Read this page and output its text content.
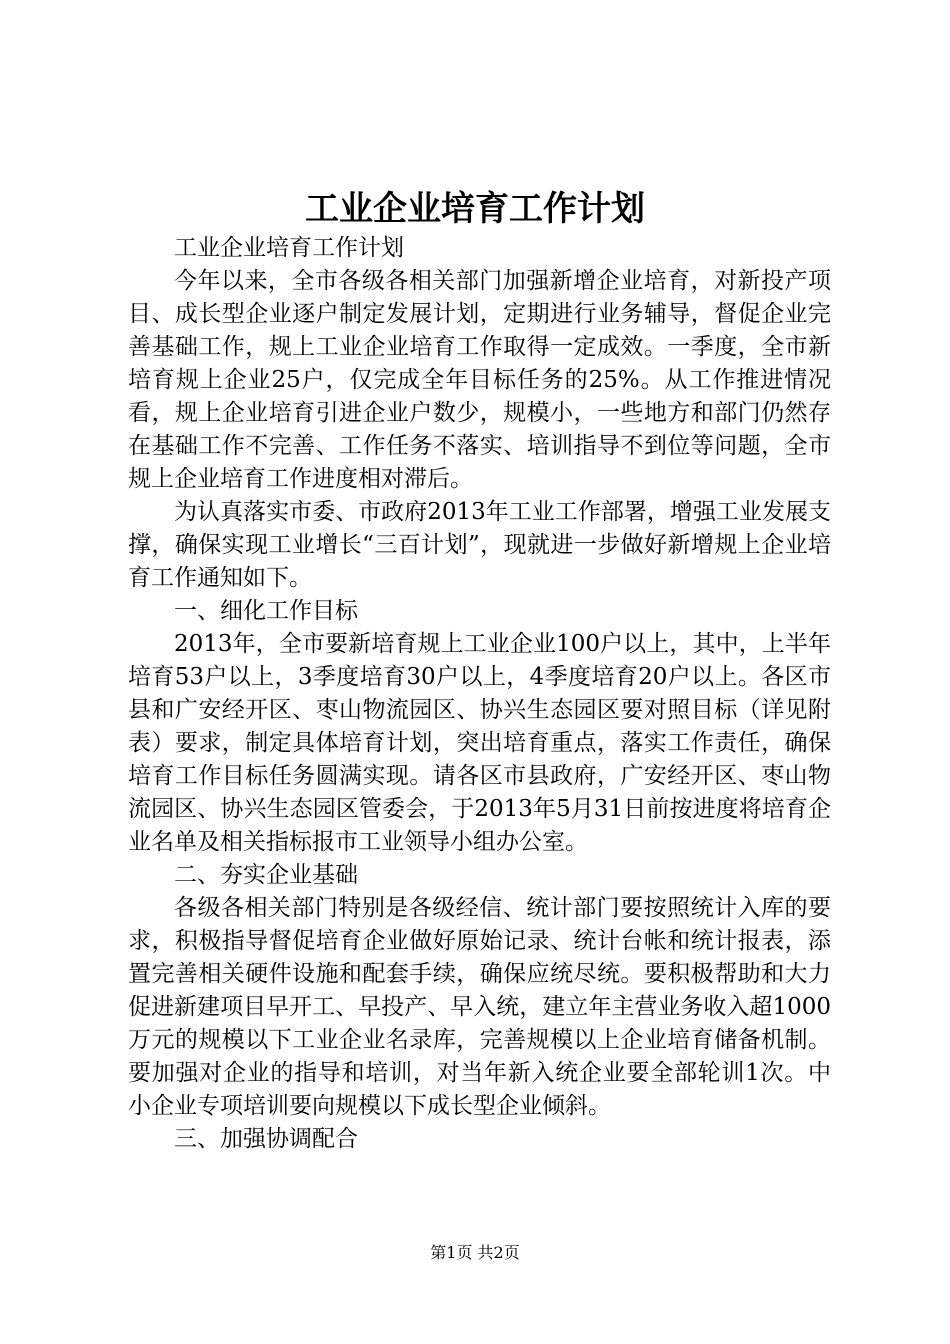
工业企业培育工作计划

工业企业培育工作计划

今年以来，全市各级各相关部门加强新增企业培育，对新投产项目、成长型企业逐户制定发展计划，定期进行业务辅导，督促企业完善基础工作，规上工业企业培育工作取得一定成效。一季度，全市新培育规上企业25户，仅完成全年目标任务的25%。从工作推进情况看，规上企业培育引进企业户数少，规模小，一些地方和部门仍然存在基础工作不完善、工作任务不落实、培训指导不到位等问题，全市规上企业培育工作进度相对滞后。

为认真落实市委、市政府2013年工业工作部署，增强工业发展支撑，确保实现工业增长“三百计划”，现就进一步做好新增规上企业培育工作通知如下。

一、细化工作目标

2013年，全市要新培育规上工业企业100户以上，其中，上半年培育53户以上，3季度培育30户以上，4季度培育20户以上。各区市县和广安经开区、枣山物流园区、协兴生态园区要对照目标（详见附表）要求，制定具体培育计划，突出培育重点，落实工作责任，确保培育工作目标任务圆满实现。请各区市县政府，广安经开区、枣山物流园区、协兴生态园区管委会，于2013年5月31日前按进度将培育企业名单及相关指标报市工业领导小组办公室。

二、夯实企业基础

各级各相关部门特别是各级经信、统计部门要按照统计入库的要求，积极指导督促培育企业做好原始记录、统计台帐和统计报表，添置完善相关硬件设施和配套手续，确保应统尽统。要积极帮助和大力促进新建项目早开工、早投产、早入统，建立年主营业务收入超1000万元的规模以下工业企业名录库，完善规模以上企业培育储备机制。要加强对企业的指导和培训，对当年新入统企业要全部轮训1次。中小企业专项培训要向规模以下成长型企业倾斜。

三、加强协调配合

第1页 共2页
